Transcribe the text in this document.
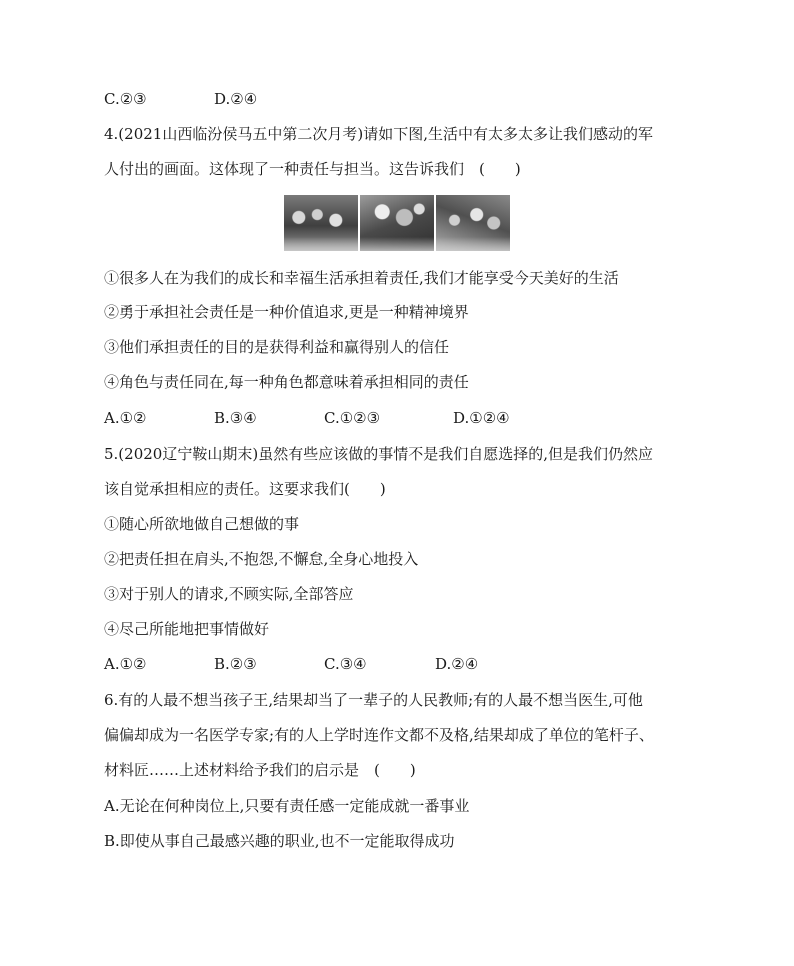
C.②③	D.②④
4.(2021山西临汾侯马五中第二次月考)请如下图,生活中有太多太多让我们感动的军
人付出的画面。这体现了一种责任与担当。这告诉我们　(　　)
①很多人在为我们的成长和幸福生活承担着责任,我们才能享受今天美好的生活
②勇于承担社会责任是一种价值追求,更是一种精神境界
③他们承担责任的目的是获得利益和赢得别人的信任
④角色与责任同在,每一种角色都意味着承担相同的责任
A.①②	B.③④	C.①②③	D.①②④
5.(2020辽宁鞍山期末)虽然有些应该做的事情不是我们自愿选择的,但是我们仍然应
该自觉承担相应的责任。这要求我们(　　)
①随心所欲地做自己想做的事
②把责任担在肩头,不抱怨,不懈怠,全身心地投入
③对于别人的请求,不顾实际,全部答应
④尽己所能地把事情做好
A.①②	B.②③	C.③④	D.②④
6.有的人最不想当孩子王,结果却当了一辈子的人民教师;有的人最不想当医生,可他
偏偏却成为一名医学专家;有的人上学时连作文都不及格,结果却成了单位的笔杆子、
材料匠……上述材料给予我们的启示是　(　　)
A.无论在何种岗位上,只要有责任感一定能成就一番事业
B.即使从事自己最感兴趣的职业,也不一定能取得成功
